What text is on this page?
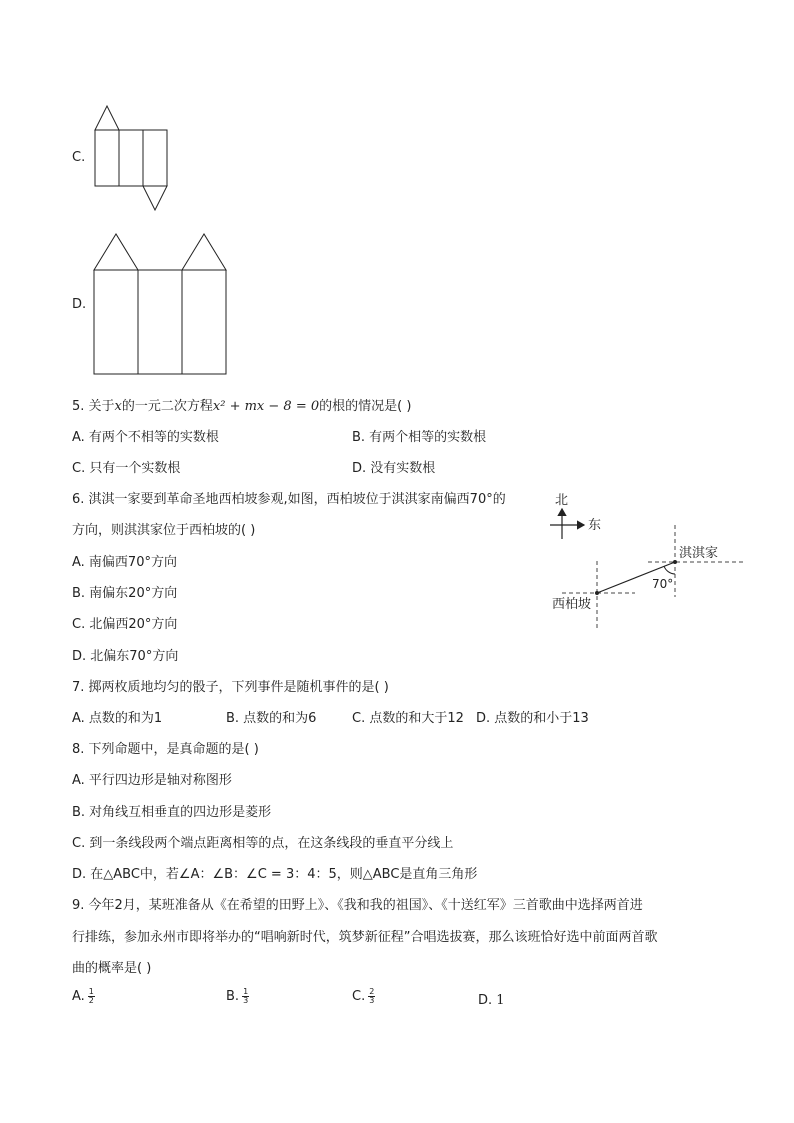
C.
D.
5. 关于x的一元二次方程x² + mx − 8 = 0的根的情况是( )
A. 有两个不相等的实数根	B. 有两个相等的实数根
C. 只有一个实数根	D. 没有实数根
6. 淇淇一家要到革命圣地西柏坡参观,如图，西柏坡位于淇淇家南偏西70°的
方向，则淇淇家位于西柏坡的( )
A. 南偏西70°方向
B. 南偏东20°方向
C. 北偏西20°方向
D. 北偏东70°方向
北
东
70°
淇淇家
西柏坡
7. 掷两枚质地均匀的骰子，下列事件是随机事件的是( )
A. 点数的和为1	B. 点数的和为6	C. 点数的和大于12 D. 点数的和小于13
8. 下列命题中，是真命题的是( )
A. 平行四边形是轴对称图形
B. 对角线互相垂直的四边形是菱形
C. 到一条线段两个端点距离相等的点，在这条线段的垂直平分线上
D. 在△ABC中，若∠A：∠B：∠C = 3：4：5，则△ABC是直角三角形
9. 今年2月，某班准备从《在希望的田野上》、《我和我的祖国》、《十送红军》三首歌曲中选择两首进
行排练，参加永州市即将举办的“唱响新时代，筑梦新征程”合唱选拔赛，那么该班恰好选中前面两首歌
曲的概率是( )
A. $\frac{1}{2}$	B. $\frac{1}{3}$	C. $\frac{2}{3}$	D. 1
